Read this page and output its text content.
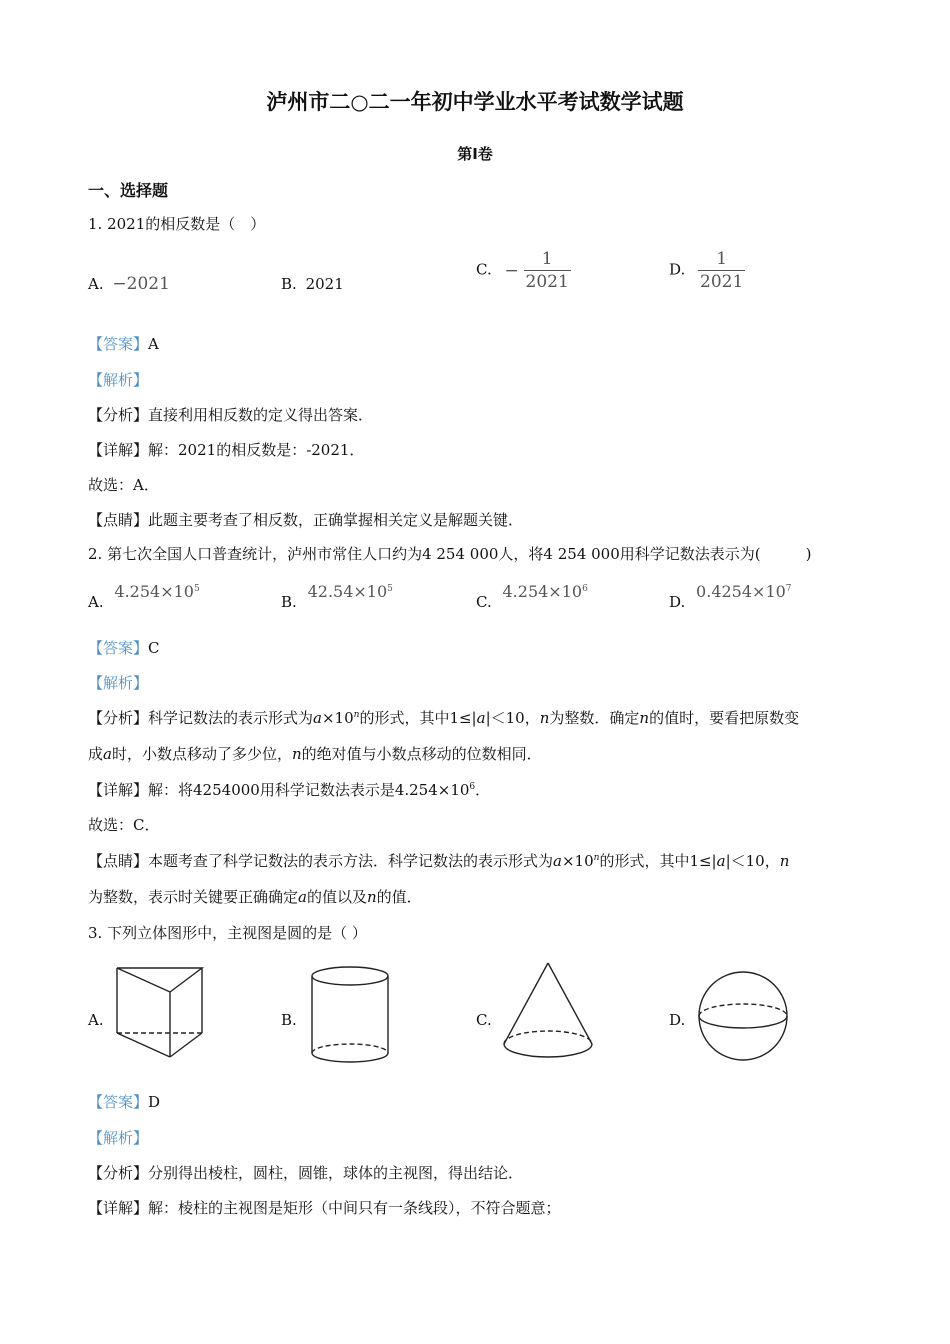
泸州市二○二一年初中学业水平考试数学试题
第Ⅰ卷
一、选择题
1. 2021的相反数是（　）
A. −2021	B. 2021
C. − $\frac{1}{2021}$	D. $\frac{1}{2021}$
【答案】A
【解析】
【分析】直接利用相反数的定义得出答案．
【详解】解：2021的相反数是：-2021．
故选：A．
【点睛】此题主要考查了相反数，正确掌握相关定义是解题关键．
2. 第七次全国人口普查统计，泸州市常住人口约为4 254 000人，将4 254 000用科学记数法表示为(　　　)
A. $4.254\times 10^5$
B. $42.54\times 10^5$
C. $4.254\times 10^6$
D. $0.4254\times 10^7$
【答案】C
【解析】
【分析】科学记数法的表示形式为$a\times 10^n$的形式，其中1≤|a|＜10，n为整数．确定n的值时，要看把原数变
成a时，小数点移动了多少位，n的绝对值与小数点移动的位数相同．
【详解】解：将4254000用科学记数法表示是$4.254\times 10^6$．
故选：C．
【点睛】本题考查了科学记数法的表示方法．科学记数法的表示形式为$a\times 10^n$的形式，其中1≤|a|＜10，n
为整数，表示时关键要正确确定a的值以及n的值．
3. 下列立体图形中，主视图是圆的是（ ）
A.	B.	C.	D.
【答案】D
【解析】
【分析】分别得出棱柱，圆柱，圆锥，球体的主视图，得出结论．
【详解】解：棱柱的主视图是矩形（中间只有一条线段），不符合题意；
